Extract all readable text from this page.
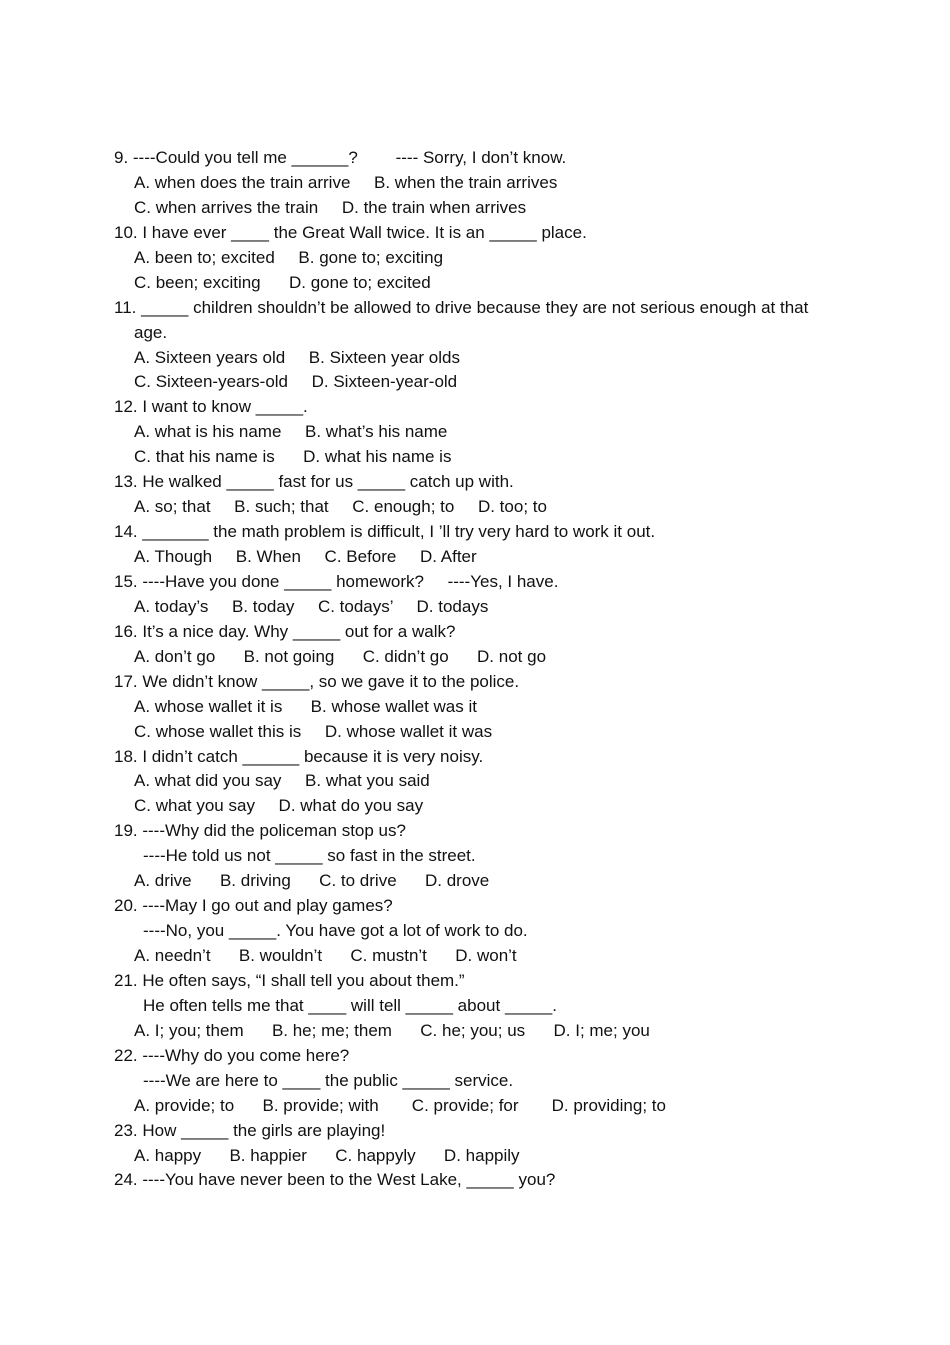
9. ----Could you tell me ______?        ---- Sorry, I don’t know.
A. when does the train arrive     B. when the train arrives
C. when arrives the train     D. the train when arrives
10. I have ever ____ the Great Wall twice. It is an _____ place.
A. been to; excited     B. gone to; exciting
C. been; exciting      D. gone to; excited
11. _____ children shouldn’t be allowed to drive because they are not serious enough at that
age.
A. Sixteen years old     B. Sixteen year olds
C. Sixteen-years-old     D. Sixteen-year-old
12. I want to know _____.
A. what is his name     B. what’s his name
C. that his name is      D. what his name is
13. He walked _____ fast for us _____ catch up with.
A. so; that     B. such; that     C. enough; to     D. too; to
14. _______ the math problem is difficult, I ’ll try very hard to work it out.
A. Though     B. When     C. Before     D. After
15. ----Have you done _____ homework?     ----Yes, I have.
A. today’s     B. today     C. todays’     D. todays
16. It’s a nice day. Why _____ out for a walk?
A. don’t go      B. not going      C. didn’t go      D. not go
17. We didn’t know _____, so we gave it to the police.
A. whose wallet it is      B. whose wallet was it
C. whose wallet this is     D. whose wallet it was
18. I didn’t catch ______ because it is very noisy.
A. what did you say     B. what you said
C. what you say     D. what do you say
19. ----Why did the policeman stop us?
----He told us not _____ so fast in the street.
A. drive      B. driving      C. to drive      D. drove
20. ----May I go out and play games?
----No, you _____. You have got a lot of work to do.
A. needn’t      B. wouldn’t      C. mustn’t      D. won’t
21. He often says, “I shall tell you about them.”
He often tells me that ____ will tell _____ about _____.
A. I; you; them      B. he; me; them      C. he; you; us      D. I; me; you
22. ----Why do you come here?
----We are here to ____ the public _____ service.
A. provide; to      B. provide; with       C. provide; for       D. providing; to
23. How _____ the girls are playing!
A. happy      B. happier      C. happyly      D. happily
24. ----You have never been to the West Lake, _____ you?
